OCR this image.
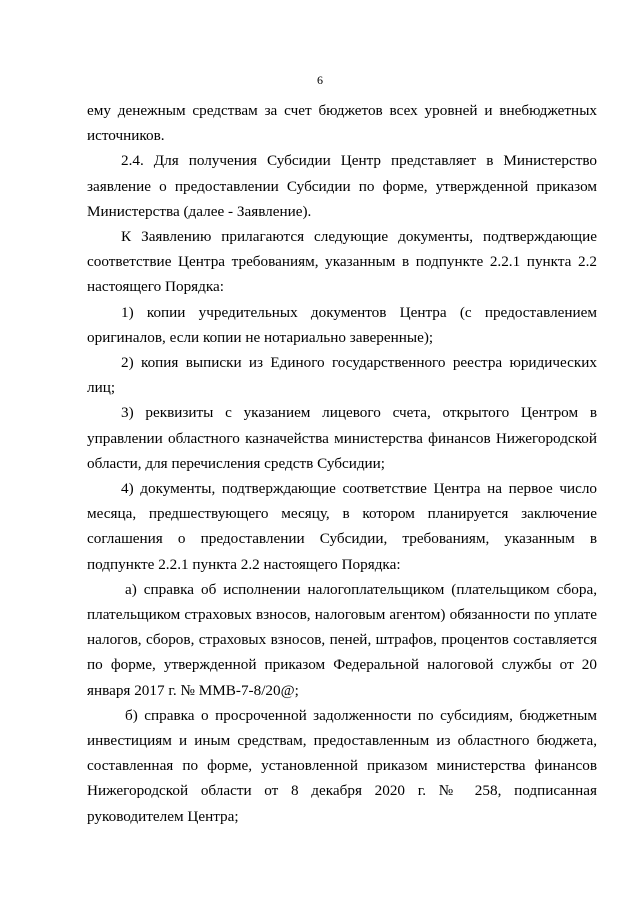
6

ему денежным средствам за счет бюджетов всех уровней и внебюджетных источников.

2.4. Для получения Субсидии Центр представляет в Министерство заявление о предоставлении Субсидии по форме, утвержденной приказом Министерства (далее - Заявление).

К Заявлению прилагаются следующие документы, подтверждающие соответствие Центра требованиям, указанным в подпункте 2.2.1 пункта 2.2 настоящего Порядка:

1) копии учредительных документов Центра (с предоставлением оригиналов, если копии не нотариально заверенные);

2) копия выписки из Единого государственного реестра юридических лиц;

3) реквизиты с указанием лицевого счета, открытого Центром в управлении областного казначейства министерства финансов Нижегородской области, для перечисления средств Субсидии;

4) документы, подтверждающие соответствие Центра на первое число месяца, предшествующего месяцу, в котором планируется заключение соглашения о предоставлении Субсидии, требованиям, указанным в подпункте 2.2.1 пункта 2.2 настоящего Порядка:

а) справка об исполнении налогоплательщиком (плательщиком сбора, плательщиком страховых взносов, налоговым агентом) обязанности по уплате налогов, сборов, страховых взносов, пеней, штрафов, процентов составляется по форме, утвержденной приказом Федеральной налоговой службы от 20 января 2017 г. № ММВ-7-8/20@;

б) справка о просроченной задолженности по субсидиям, бюджетным инвестициям и иным средствам, предоставленным из областного бюджета, составленная по форме, установленной приказом министерства финансов Нижегородской области от 8 декабря 2020 г. № 258, подписанная руководителем Центра;
